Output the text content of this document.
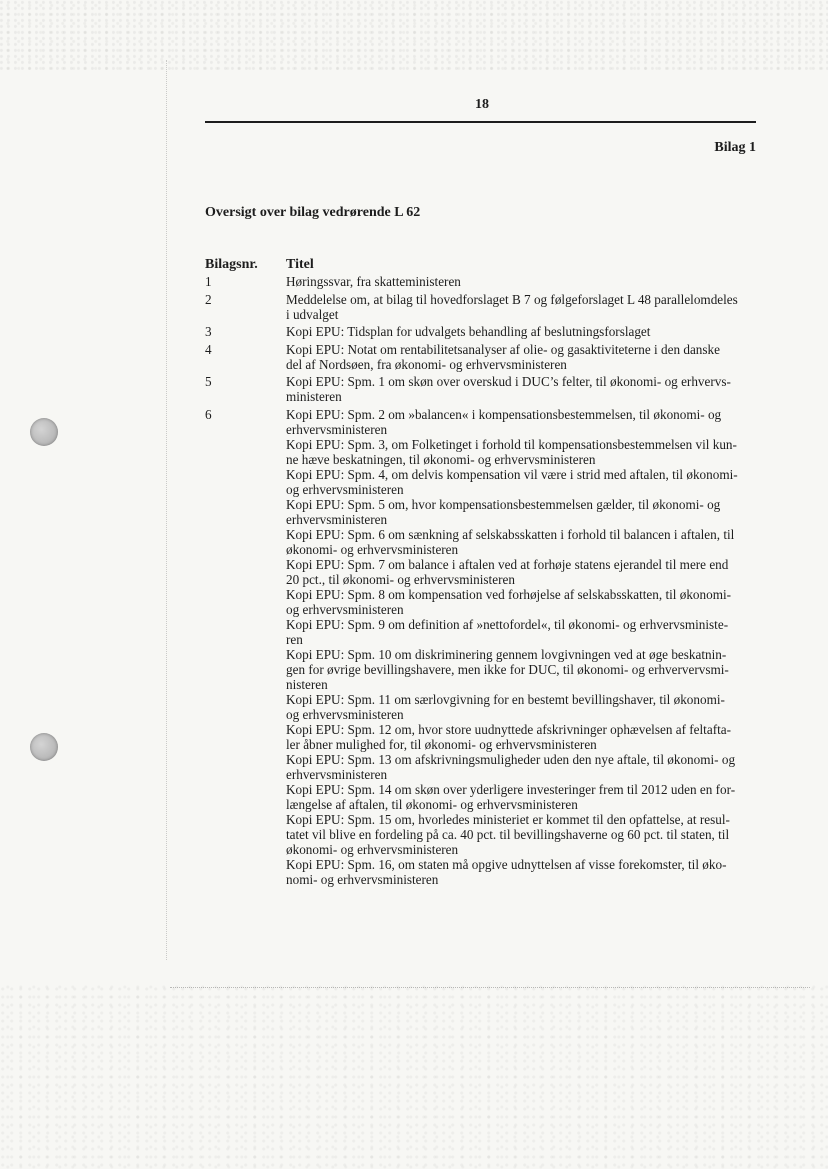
18
Bilag 1
Oversigt over bilag vedrørende L 62
Bilagsnr. Titel
1	Høringssvar, fra skatteministeren
2	Meddelelse om, at bilag til hovedforslaget B 7 og følgeforslaget L 48 parallelomdeles
i udvalget
3	Kopi EPU: Tidsplan for udvalgets behandling af beslutningsforslaget
4	Kopi EPU: Notat om rentabilitetsanalyser af olie- og gasaktiviteterne i den danske
del af Nordsøen, fra økonomi- og erhvervsministeren
5	Kopi EPU: Spm. 1 om skøn over overskud i DUC’s felter, til økonomi- og erhvervs-
ministeren
6	Kopi EPU: Spm. 2 om »balancen« i kompensationsbestemmelsen, til økonomi- og
erhvervsministeren
Kopi EPU: Spm. 3, om Folketinget i forhold til kompensationsbestemmelsen vil kun-
ne hæve beskatningen, til økonomi- og erhvervsministeren
Kopi EPU: Spm. 4, om delvis kompensation vil være i strid med aftalen, til økonomi-
og erhvervsministeren
Kopi EPU: Spm. 5 om, hvor kompensationsbestemmelsen gælder, til økonomi- og
erhvervsministeren
Kopi EPU: Spm. 6 om sænkning af selskabsskatten i forhold til balancen i aftalen, til
økonomi- og erhvervsministeren
Kopi EPU: Spm. 7 om balance i aftalen ved at forhøje statens ejerandel til mere end
20 pct., til økonomi- og erhvervsministeren
Kopi EPU: Spm. 8 om kompensation ved forhøjelse af selskabsskatten, til økonomi-
og erhvervsministeren
Kopi EPU: Spm. 9 om definition af »nettofordel«, til økonomi- og erhvervsministe-
ren
Kopi EPU: Spm. 10 om diskriminering gennem lovgivningen ved at øge beskatnin-
gen for øvrige bevillingshavere, men ikke for DUC, til økonomi- og erhververvsmi-
nisteren
Kopi EPU: Spm. 11 om særlovgivning for en bestemt bevillingshaver, til økonomi-
og erhvervsministeren
Kopi EPU: Spm. 12 om, hvor store uudnyttede afskrivninger ophævelsen af feltafta-
ler åbner mulighed for, til økonomi- og erhvervsministeren
Kopi EPU: Spm. 13 om afskrivningsmuligheder uden den nye aftale, til økonomi- og
erhvervsministeren
Kopi EPU: Spm. 14 om skøn over yderligere investeringer frem til 2012 uden en for-
længelse af aftalen, til økonomi- og erhvervsministeren
Kopi EPU: Spm. 15 om, hvorledes ministeriet er kommet til den opfattelse, at resul-
tatet vil blive en fordeling på ca. 40 pct. til bevillingshaverne og 60 pct. til staten, til
økonomi- og erhvervsministeren
Kopi EPU: Spm. 16, om staten må opgive udnyttelsen af visse forekomster, til øko-
nomi- og erhvervsministeren
